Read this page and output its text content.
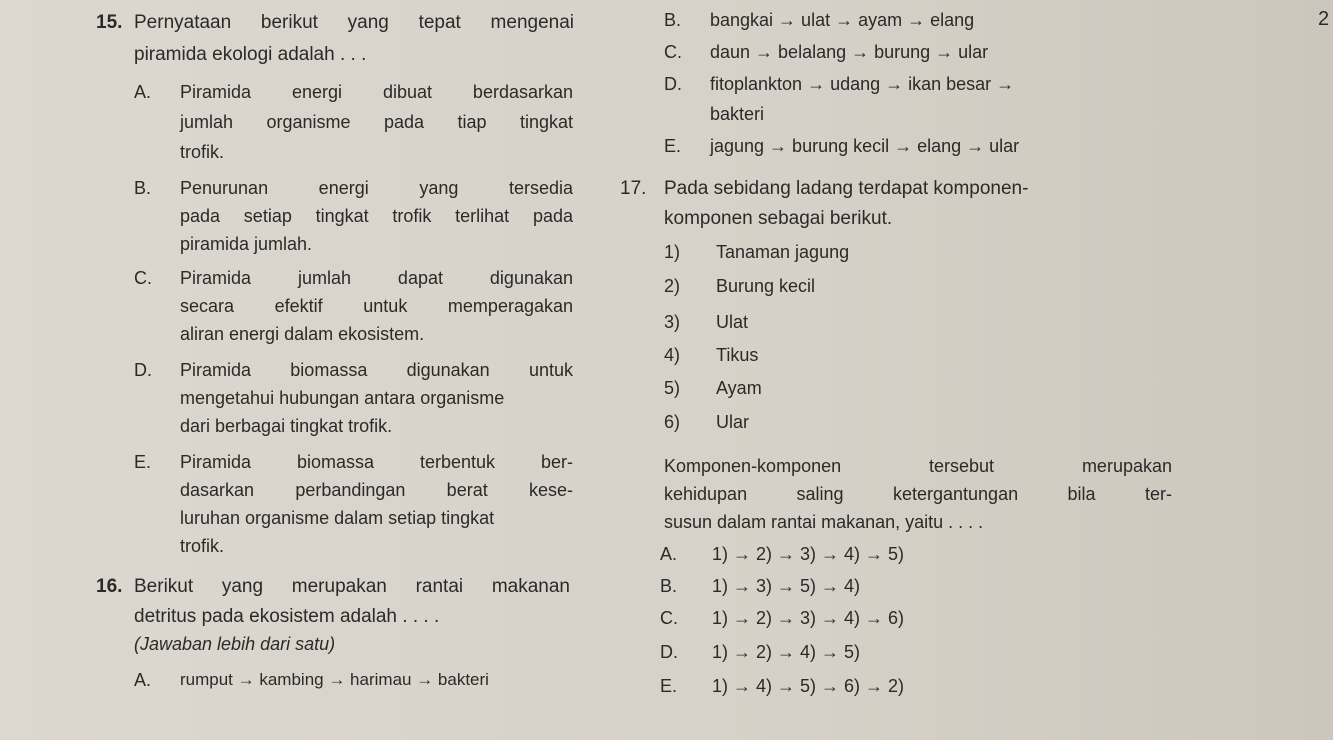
15. Pernyataan berikut yang tepat mengenai
piramida ekologi adalah . . .
A. Piramida energi dibuat berdasarkan
jumlah organisme pada tiap tingkat
trofik.
B. Penurunan energi yang tersedia
pada setiap tingkat trofik terlihat pada
piramida jumlah.
C. Piramida jumlah dapat digunakan
secara efektif untuk memperagakan
aliran energi dalam ekosistem.
D. Piramida biomassa digunakan untuk
mengetahui hubungan antara organisme
dari berbagai tingkat trofik.
E. Piramida biomassa terbentuk ber-
dasarkan perbandingan berat kese-
luruhan organisme dalam setiap tingkat
trofik.
16. Berikut yang merupakan rantai makanan
detritus pada ekosistem adalah . . . .
(Jawaban lebih dari satu)
A. rumput → kambing → harimau → bakteri
2
B. bangkai → ulat → ayam → elang
C. daun → belalang → burung → ular
D. fitoplankton → udang → ikan besar →
bakteri
E. jagung → burung kecil → elang → ular
17. Pada sebidang ladang terdapat komponen-
komponen sebagai berikut.
1) Tanaman jagung
2) Burung kecil
3) Ulat
4) Tikus
5) Ayam
6) Ular
Komponen-komponen tersebut merupakan
kehidupan saling ketergantungan bila ter-
susun dalam rantai makanan, yaitu . . . .
A. 1) → 2) → 3) → 4) → 5)
B. 1) → 3) → 5) → 4)
C. 1) → 2) → 3) → 4) → 6)
D. 1) → 2) → 4) → 5)
E. 1) → 4) → 5) → 6) → 2)
